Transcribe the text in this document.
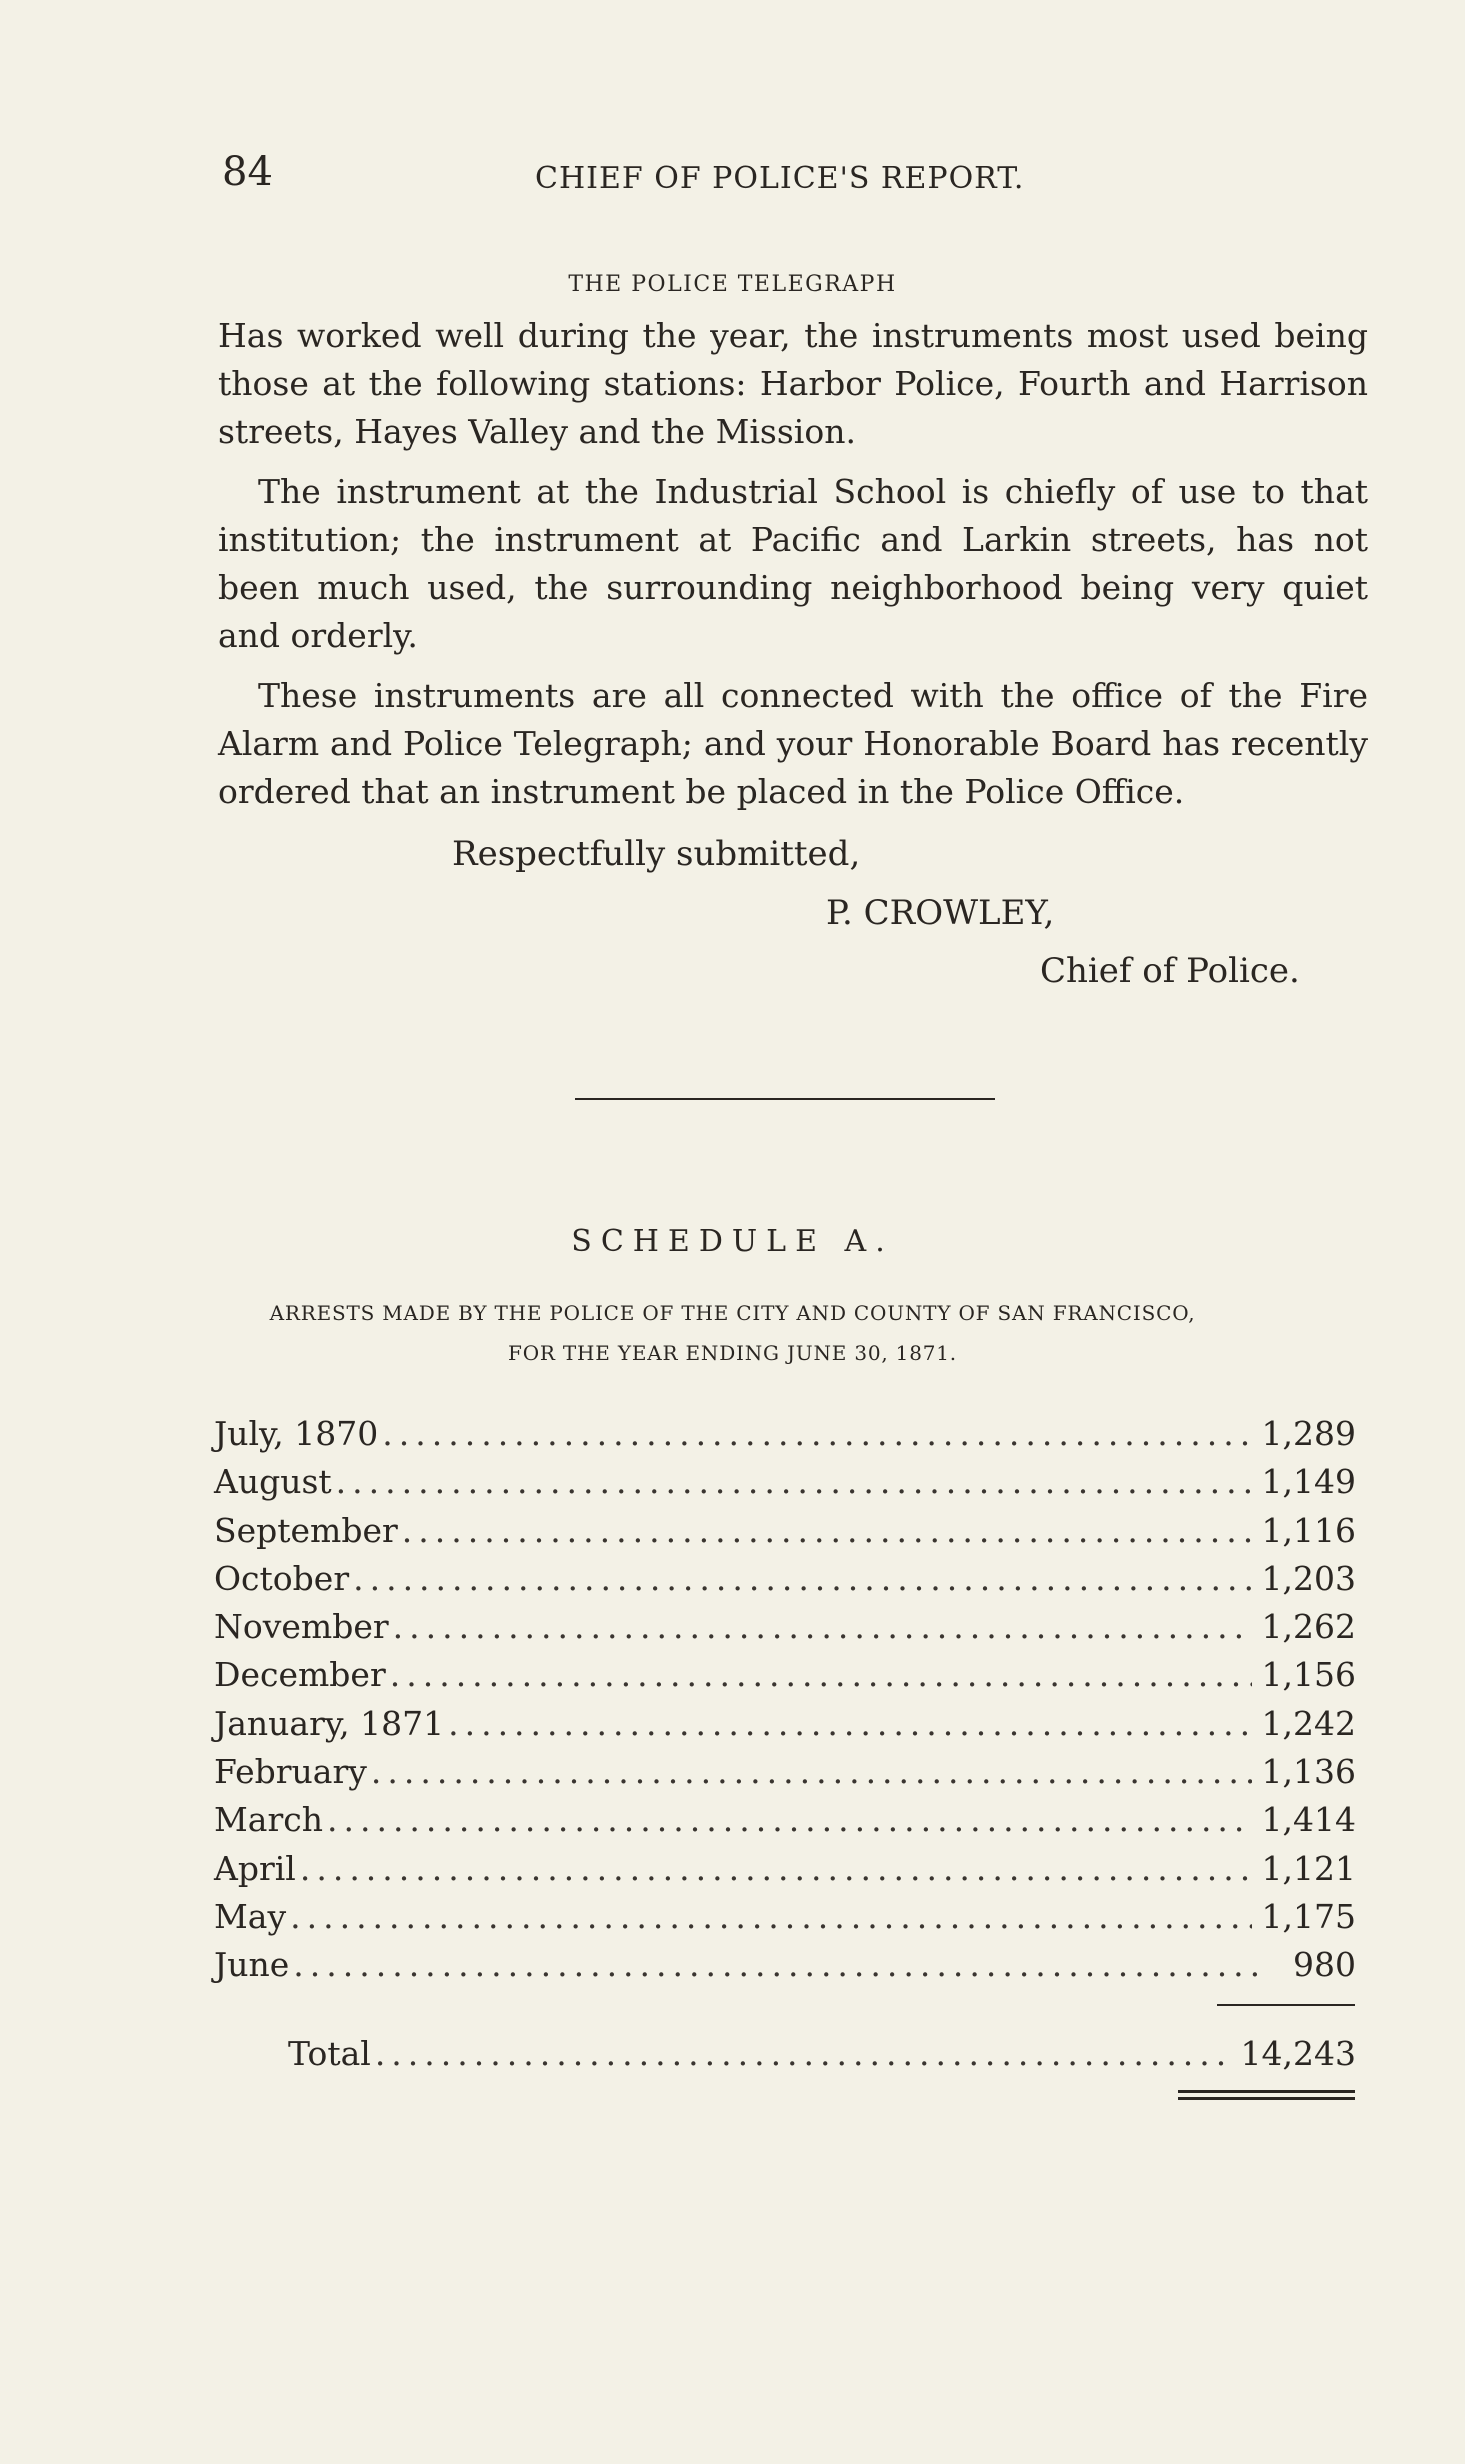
84	CHIEF OF POLICE'S REPORT.
THE POLICE TELEGRAPH

Has worked well during the year, the instruments most used being those at the following stations: Harbor Police, Fourth and Harrison streets, Hayes Valley and the Mission.

The instrument at the Industrial School is chiefly of use to that institution; the instrument at Pacific and Larkin streets, has not been much used, the surrounding neighborhood being very quiet and orderly.

These instruments are all connected with the office of the Fire Alarm and Police Telegraph; and your Honorable Board has recently ordered that an instrument be placed in the Police Office.

Respectfully submitted,
P. CROWLEY,
Chief of Police.
SCHEDULE A.
ARRESTS MADE BY THE POLICE OF THE CITY AND COUNTY OF SAN FRANCISCO,
FOR THE YEAR ENDING JUNE 30, 1871.
July, 1870 .....	1,289
August .....	1,149
September .....	1,116
October .....	1,203
November .....	1,262
December .....	1,156
January, 1871 .....	1,242
February .....	1,136
March .....	1,414
April .....	1,121
May .....	1,175
June .....	980
Total .....	14,243
